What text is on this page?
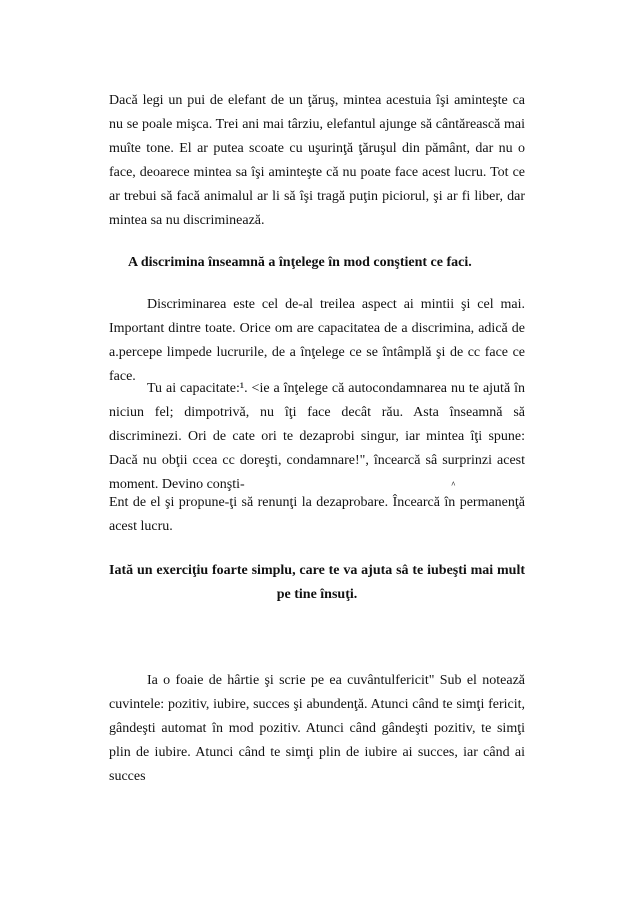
Dacă legi un pui de elefant de un ţăruş, mintea acestuia îşi aminteşte ca nu se poale mişca. Trei ani mai târziu, elefantul ajunge să cântărească mai muîte tone. El ar putea scoate cu uşurinţă ţăruşul din pământ, dar nu o face, deoarece mintea sa îşi aminteşte că nu poate face acest lucru. Tot ce ar trebui să facă animalul ar li să îşi tragă puţin piciorul, şi ar fi liber, dar mintea sa nu discriminează.

A discrimina înseamnă a înţelege în mod conştient ce faci.

Discriminarea este cel de-al treilea aspect ai mintii şi cel mai. Important dintre toate. Orice om are capacitatea de a discrimina, adică de a.percepe limpede lucrurile, de a înţelege ce se întâmplă şi de cc face ce face.

Tu ai capacitate:¹. <ie a înţelege că autocondamnarea nu te ajută în niciun fel; dimpotrivă, nu îţi face decât rău. Asta înseamnă să discriminezi. Ori de cate ori te dezaprobi singur, iar mintea îţi spune: Dacă nu obţii ccea cc doreşti, condamnare!", încearcă sâ surprinzi acest moment. Devino conşti-	^

Ent de el şi propune-ţi să renunţi la dezaprobare. Încearcă în permanenţă acest lucru.

Iată un exerciţiu foarte simplu, care te va ajuta sâ te iubeşti mai mult pe tine însuţi.

Ia o foaie de hârtie şi scrie pe ea cuvântulfericit" Sub el notează cuvintele: pozitiv, iubire, succes şi abundenţă. Atunci când te simţi fericit, gândeşti automat în mod pozitiv. Atunci când gândeşti pozitiv, te simţi plin de iubire. Atunci când te simţi plin de iubire ai succes, iar când ai succes
